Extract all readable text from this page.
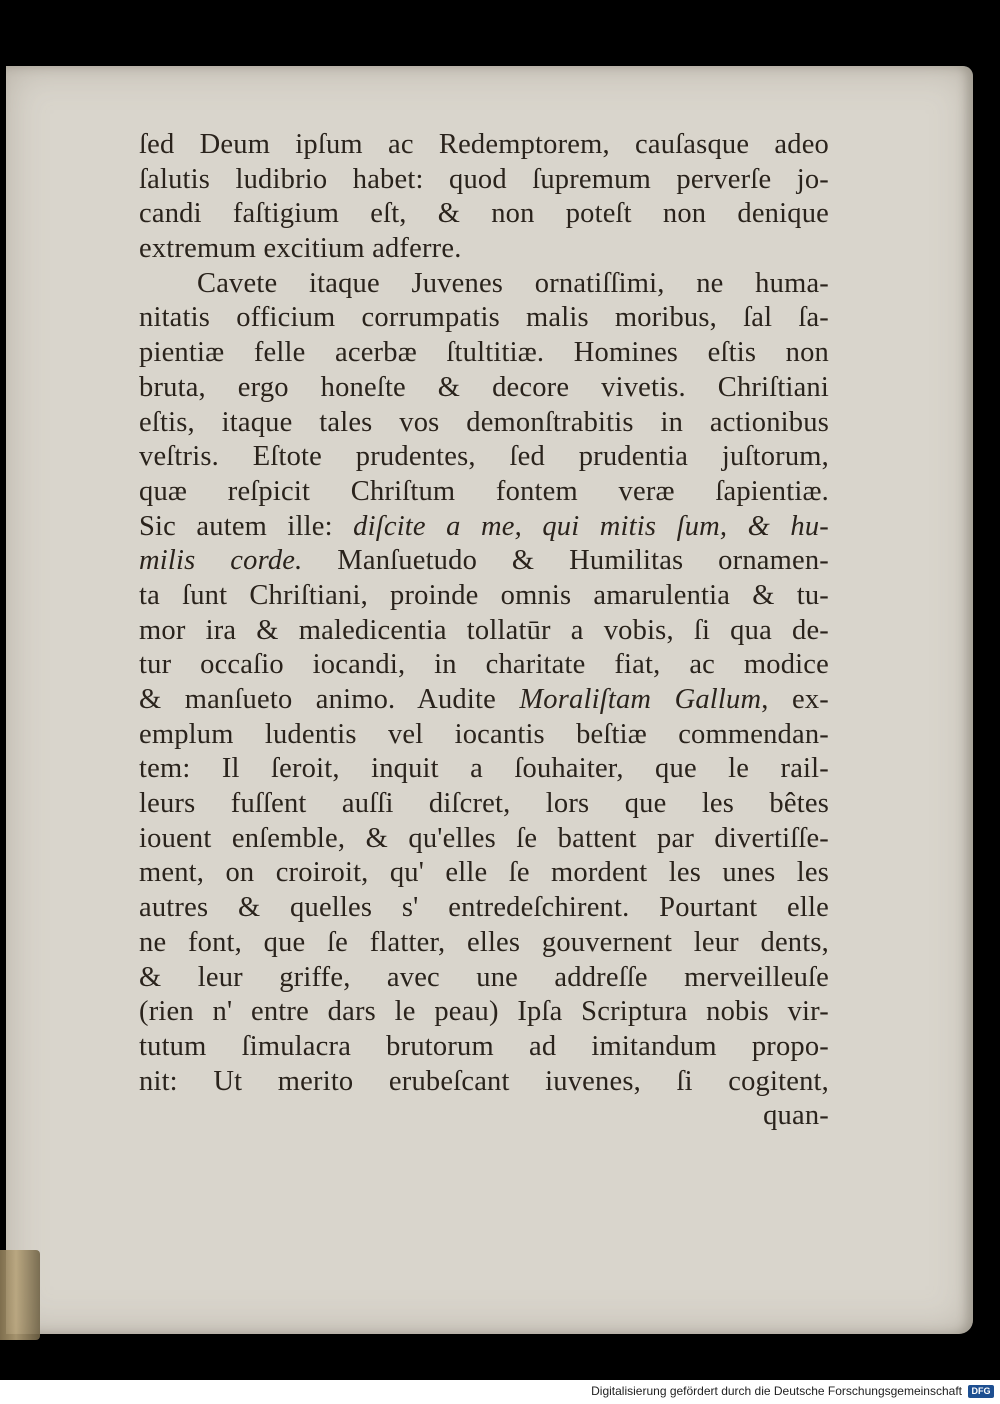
ſed Deum ipſum ac Redemptorem, cauſasque adeo
ſalutis ludibrio habet: quod ſupremum perverſe jo-
candi faſtigium eſt, & non poteſt non denique
extremum excitium adferre.
Cavete itaque Juvenes ornatiſſimi, ne huma-
nitatis officium corrumpatis malis moribus, ſal ſa-
pientiæ felle acerbæ ſtultitiæ. Homines eſtis non
bruta, ergo honeſte & decore vivetis. Chriſtiani
eſtis, itaque tales vos demonſtrabitis in actionibus
veſtris. Eſtote prudentes, ſed prudentia juſtorum,
quæ reſpicit Chriſtum fontem veræ ſapientiæ.
Sic autem ille: diſcite a me, qui mitis ſum, & hu-
milis corde. Manſuetudo & Humilitas ornamen-
ta ſunt Chriſtiani, proinde omnis amarulentia & tu-
mor ira & maledicentia tollatūr a vobis, ſi qua de-
tur occaſio iocandi, in charitate fiat, ac modice
& manſueto animo. Audite Moraliſtam Gallum, ex-
emplum ludentis vel iocantis beſtiæ commendan-
tem: Il ſeroit, inquit a ſouhaiter, que le rail-
leurs fuſſent auſſi diſcret, lors que les bêtes
iouent enſemble, & qu'elles ſe battent par divertiſſe-
ment, on croiroit, qu' elle ſe mordent les unes les
autres & quelles s' entredeſchirent. Pourtant elle
ne font, que ſe flatter, elles gouvernent leur dents,
& leur griffe, avec une addreſſe merveilleuſe
(rien n' entre dars le peau) Ipſa Scriptura nobis vir-
tutum ſimulacra brutorum ad imitandum propo-
nit: Ut merito erubeſcant iuvenes, ſi cogitent,
quan-
Digitalisierung gefördert durch die Deutsche Forschungsgemeinschaft	DFG
